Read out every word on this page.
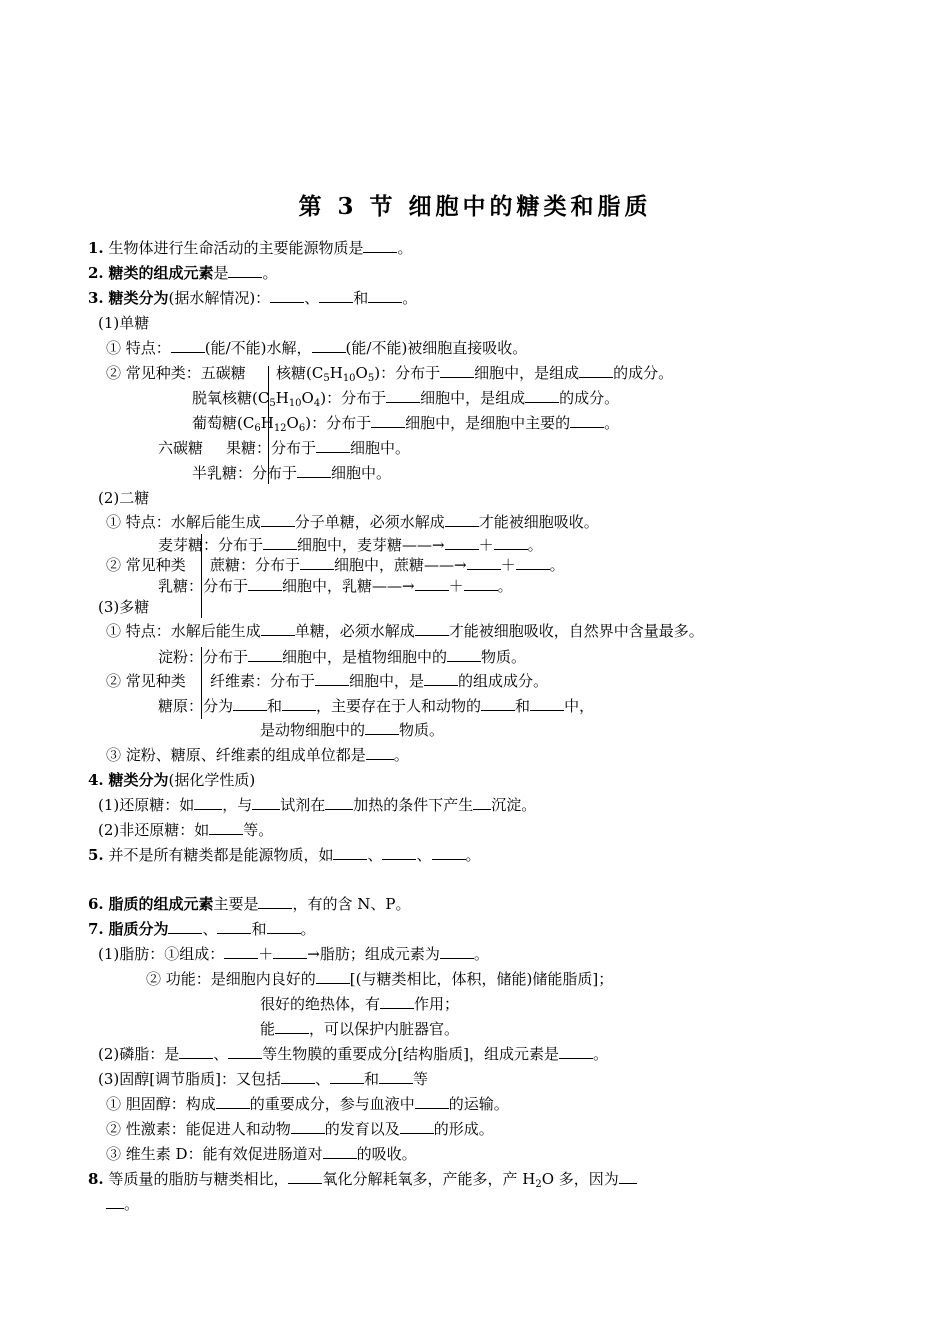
第 3 节 细胞中的糖类和脂质
1. 生物体进行生命活动的主要能源物质是 。
2. 糖类的组成元素是 。
3. 糖类分为(据水解情况)： 、 和 。
(1)单糖
① 特点： (能/不能)水解， (能/不能)被细胞直接吸收。
② 常见种类：五碳糖 核糖$(C_5H_{10}O_5)$：分布于 细胞中，是组成 的成分。
脱氧核糖$(C_5H_{10}O_4)$：分布于 细胞中，是组成 的成分。
葡萄糖$(C_6H_{12}O_6)$：分布于 细胞中，是细胞中主要的 。
六碳糖 果糖：分布于 细胞中。
半乳糖：分布于 细胞中。
(2)二糖
① 特点：水解后能生成 分子单糖，必须水解成 才能被细胞吸收。
麦芽糖：分布于 细胞中，麦芽糖——→ ＋ 。
② 常见种类 蔗糖：分布于 细胞中，蔗糖——→ ＋ 。
乳糖：分布于 细胞中，乳糖——→ ＋ 。
(3)多糖
① 特点：水解后能生成 单糖，必须水解成 才能被细胞吸收，自然界中含量最多。
淀粉：分布于 细胞中，是植物细胞中的 物质。
② 常见种类 纤维素：分布于 细胞中，是 的组成成分。
糖原：分为 和 ，主要存在于人和动物的 和 中，
是动物细胞中的 物质。
③ 淀粉、糖原、纤维素的组成单位都是 。
4. 糖类分为(据化学性质)
(1)还原糖：如 ，与 试剂在 加热的条件下产生 沉淀。
(2)非还原糖：如 等。
5. 并不是所有糖类都是能源物质，如 、 、 。
6. 脂质的组成元素主要是 ，有的含 N、P。
7. 脂质分为 、 和 。
(1)脂肪：①组成： ＋ →脂肪；组成元素为 。
② 功能：是细胞内良好的 [(与糖类相比，体积，储能)储能脂质]；
很好的绝热体，有 作用；
能 ，可以保护内脏器官。
(2)磷脂：是 、 等生物膜的重要成分[结构脂质]，组成元素是 。
(3)固醇[调节脂质]：又包括 、 和 等
① 胆固醇：构成 的重要成分，参与血液中 的运输。
② 性激素：能促进人和动物 的发育以及 的形成。
③ 维生素 D：能有效促进肠道对 的吸收。
8. 等质量的脂肪与糖类相比， 氧化分解耗氧多，产能多，产 $H_2O$ 多，因为
。
